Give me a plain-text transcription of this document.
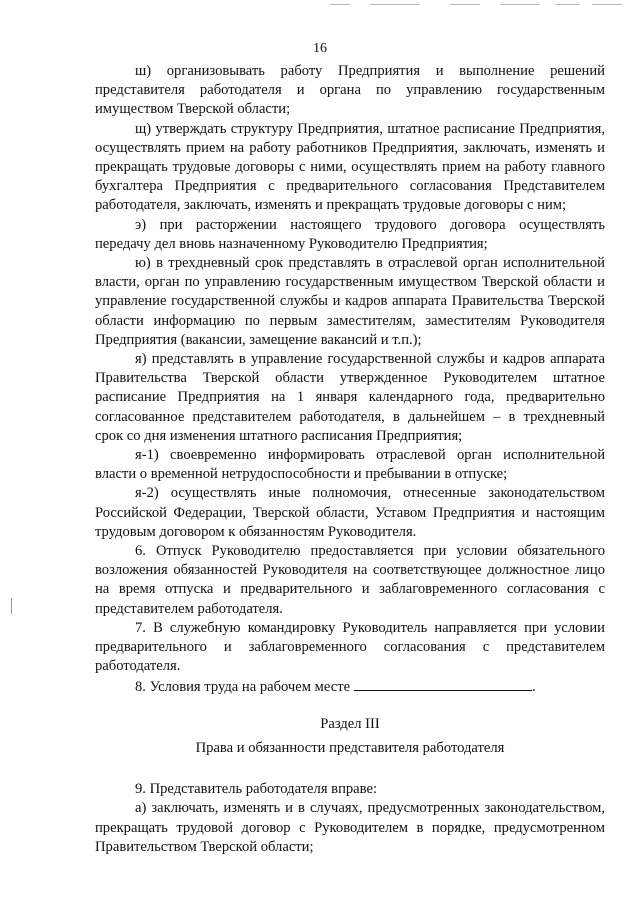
16

ш) организовывать работу Предприятия и выполнение решений представителя работодателя и органа по управлению государственным имуществом Тверской области;

щ) утверждать структуру Предприятия, штатное расписание Предприятия, осуществлять прием на работу работников Предприятия, заключать, изменять и прекращать трудовые договоры с ними, осуществлять прием на работу главного бухгалтера Предприятия с предварительного согласования Представителем работодателя, заключать, изменять и прекращать трудовые договоры с ним;

э) при расторжении настоящего трудового договора осуществлять передачу дел вновь назначенному Руководителю Предприятия;

ю) в трехдневный срок представлять в отраслевой орган исполнительной власти, орган по управлению государственным имуществом Тверской области и управление государственной службы и кадров аппарата Правительства Тверской области информацию по первым заместителям, заместителям Руководителя Предприятия (вакансии, замещение вакансий и т.п.);

я) представлять в управление государственной службы и кадров аппарата Правительства Тверской области утвержденное Руководителем штатное расписание Предприятия на 1 января календарного года, предварительно согласованное представителем работодателя, в дальнейшем – в трехдневный срок со дня изменения штатного расписания Предприятия;

я-1) своевременно информировать отраслевой орган исполнительной власти о временной нетрудоспособности и пребывании в отпуске;

я-2) осуществлять иные полномочия, отнесенные законодательством Российской Федерации, Тверской области, Уставом Предприятия и настоящим трудовым договором к обязанностям Руководителя.

6. Отпуск Руководителю предоставляется при условии обязательного возложения обязанностей Руководителя на соответствующее должностное лицо на время отпуска и предварительного и заблаговременного согласования с представителем работодателя.

7. В служебную командировку Руководитель направляется при условии предварительного и заблаговременного согласования с представителем работодателя.

8. Условия труда на рабочем месте	.

Раздел III

Права и обязанности представителя работодателя

9. Представитель работодателя вправе:

а) заключать, изменять и в случаях, предусмотренных законодательством, прекращать трудовой договор с Руководителем в порядке, предусмотренном Правительством Тверской области;
